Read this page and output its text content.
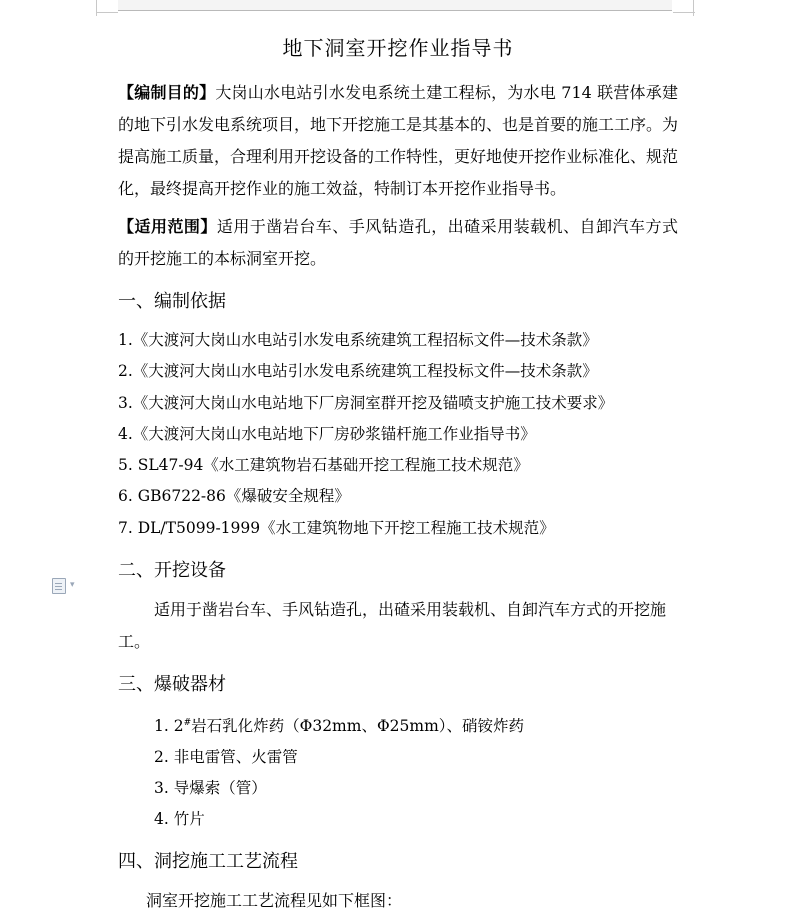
▾
地下洞室开挖作业指导书

【编制目的】大岗山水电站引水发电系统土建工程标，为水电 714 联营体承建的地下引水发电系统项目，地下开挖施工是其基本的、也是首要的施工工序。为提高施工质量，合理利用开挖设备的工作特性，更好地使开挖作业标准化、规范化，最终提高开挖作业的施工效益，特制订本开挖作业指导书。

【适用范围】适用于凿岩台车、手风钻造孔，出碴采用装载机、自卸汽车方式的开挖施工的本标洞室开挖。

一、编制依据
1.《大渡河大岗山水电站引水发电系统建筑工程招标文件—技术条款》
2.《大渡河大岗山水电站引水发电系统建筑工程投标文件—技术条款》
3.《大渡河大岗山水电站地下厂房洞室群开挖及锚喷支护施工技术要求》
4.《大渡河大岗山水电站地下厂房砂浆锚杆施工作业指导书》
5. SL47-94《水工建筑物岩石基础开挖工程施工技术规范》
6. GB6722-86《爆破安全规程》
7. DL/T5099-1999《水工建筑物地下开挖工程施工技术规范》
二、开挖设备

适用于凿岩台车、手风钻造孔，出碴采用装载机、自卸汽车方式的开挖施工。

三、爆破器材
1. 2#岩石乳化炸药（Φ32mm、Φ25mm）、硝铵炸药
2. 非电雷管、火雷管
3. 导爆索（管）
4. 竹片
四、洞挖施工工艺流程

洞室开挖施工工艺流程见如下框图：
